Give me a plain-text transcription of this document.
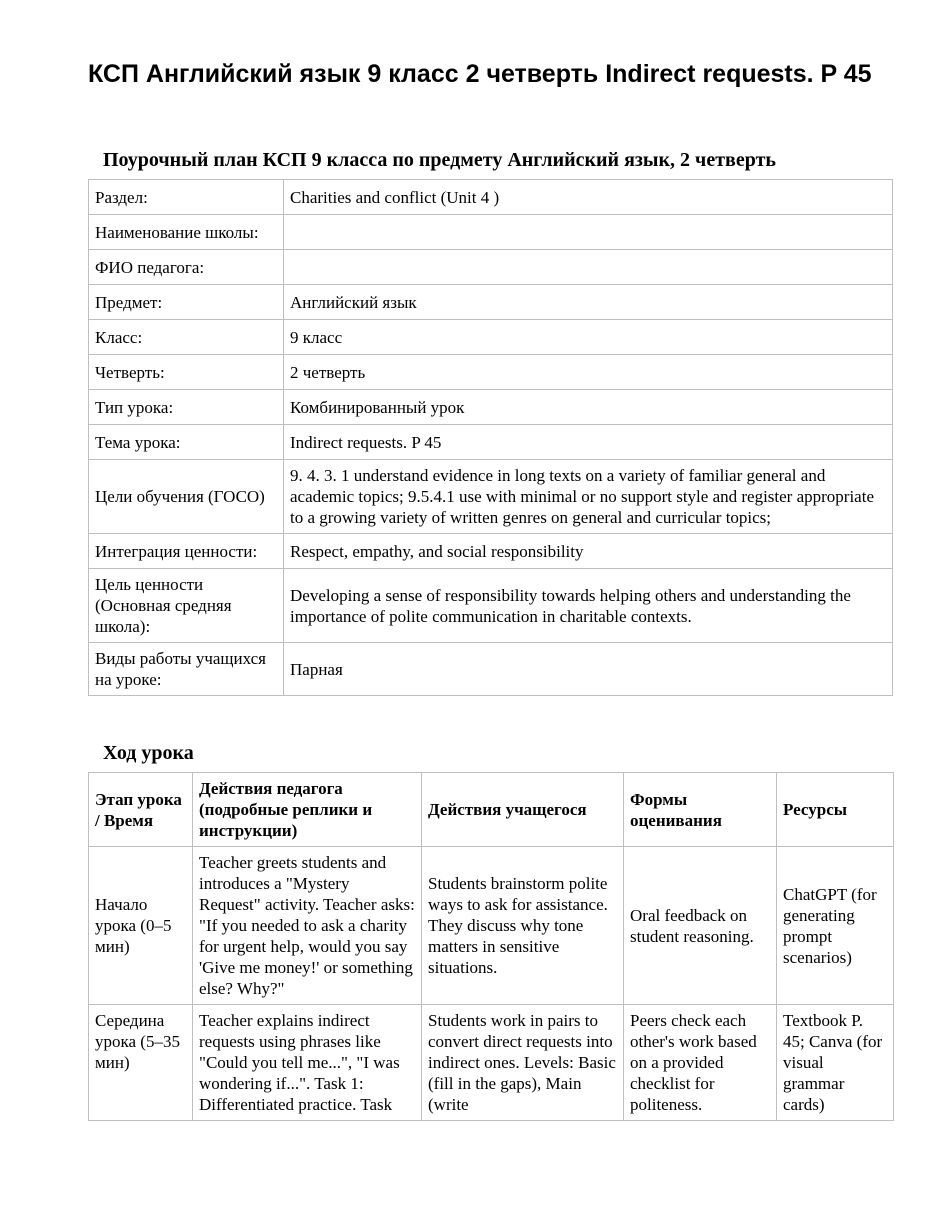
КСП Английский язык 9 класс 2 четверть Indirect requests. P 45
Поурочный план КСП 9 класса по предмету Английский язык, 2 четверть
Раздел:	Charities and conflict (Unit 4 )
Наименование школы:	
ФИО педагога:	
Предмет:	Английский язык
Класс:	9 класс
Четверть:	2 четверть
Тип урока:	Комбинированный урок
Тема урока:	Indirect requests. P 45
Цели обучения (ГОСО)	9. 4. 3. 1 understand evidence in long texts on a variety of familiar general and academic topics; 9.5.4.1 use with minimal or no support style and register appropriate to a growing variety of written genres on general and curricular topics;
Интеграция ценности:	Respect, empathy, and social responsibility
Цель ценности (Основная средняя школа):	Developing a sense of responsibility towards helping others and understanding the importance of polite communication in charitable contexts.
Виды работы учащихся на уроке:	Парная
Ход урока
Этап урока / Время	Действия педагога (подробные реплики и инструкции)	Действия учащегося	Формы оценивания	Ресурсы
Начало урока (0–5 мин)	Teacher greets students and introduces a "Mystery Request" activity. Teacher asks: "If you needed to ask a charity for urgent help, would you say 'Give me money!' or something else? Why?"	Students brainstorm polite ways to ask for assistance. They discuss why tone matters in sensitive situations.	Oral feedback on student reasoning.	ChatGPT (for generating prompt scenarios)
Середина урока (5–35 мин)	Teacher explains indirect requests using phrases like "Could you tell me...", "I was wondering if...". Task 1: Differentiated practice. Task	Students work in pairs to convert direct requests into indirect ones. Levels: Basic (fill in the gaps), Main (write	Peers check each other's work based on a provided checklist for politeness.	Textbook P. 45; Canva (for visual grammar cards)
